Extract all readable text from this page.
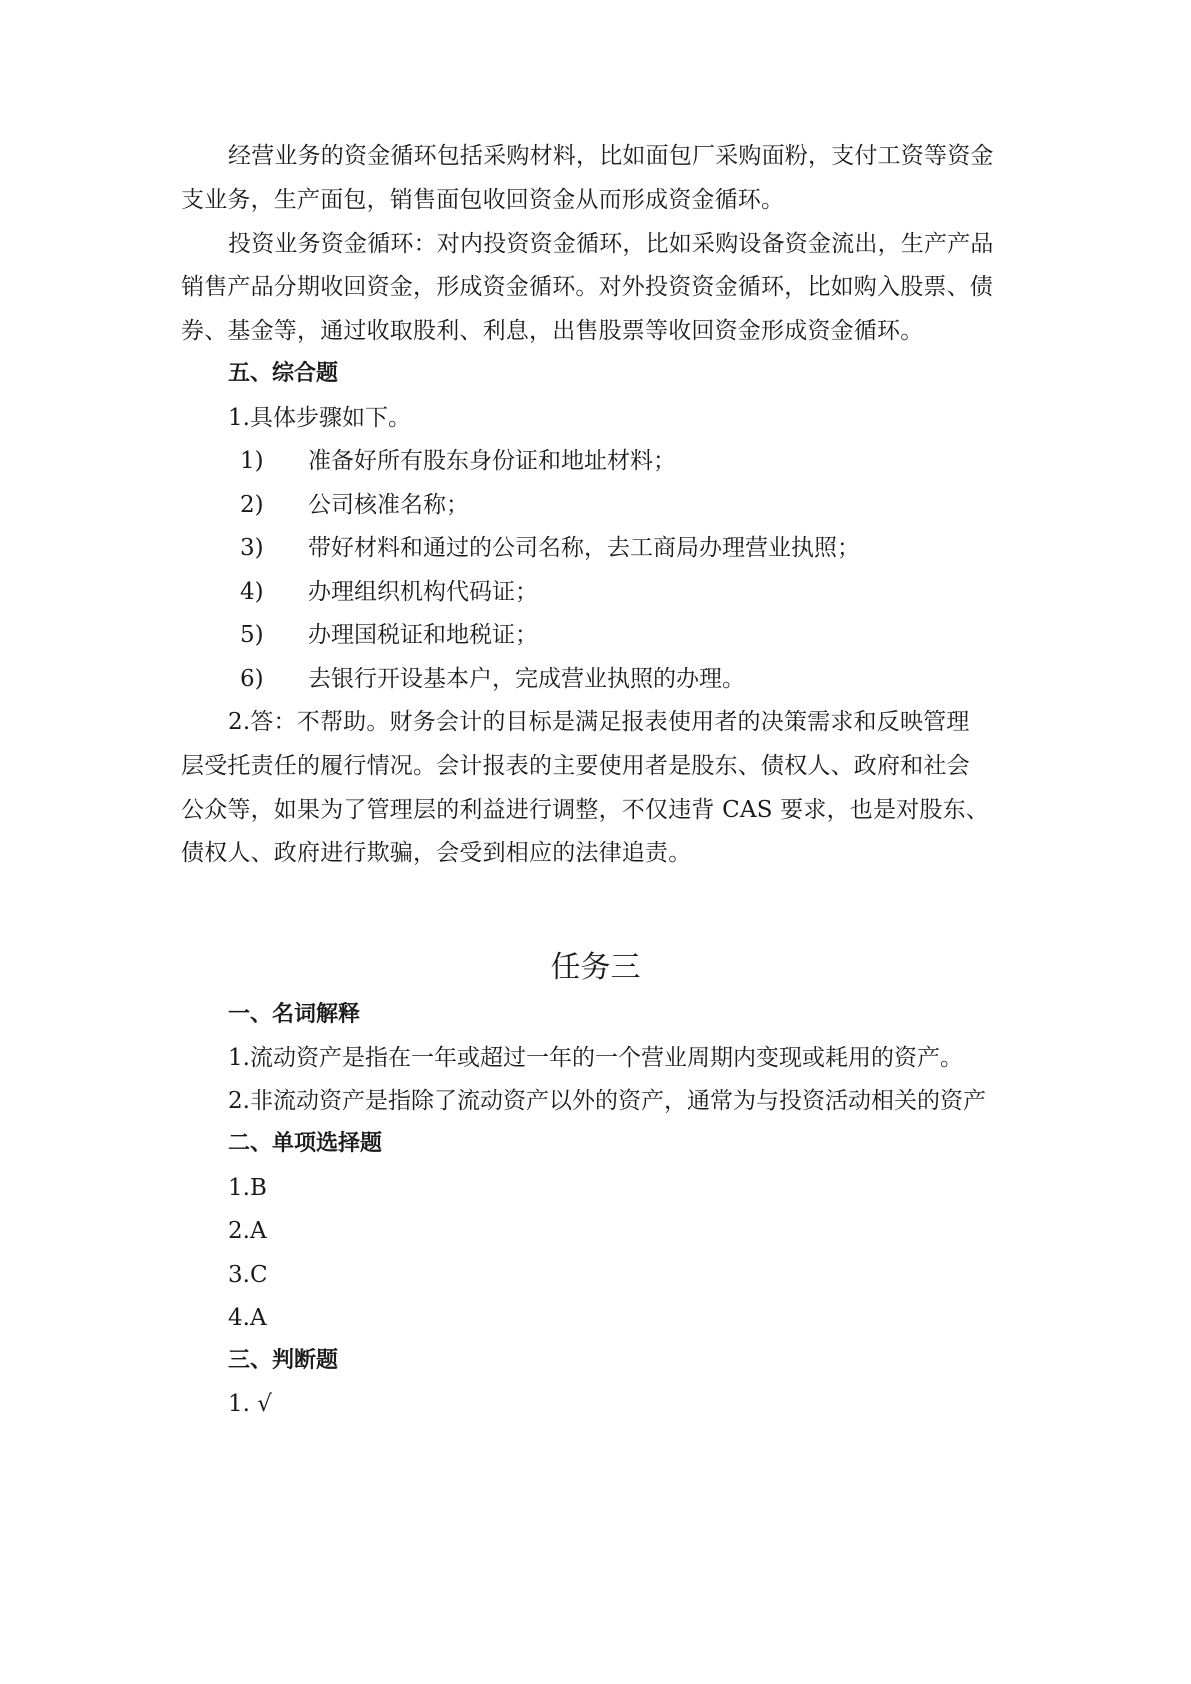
经营业务的资金循环包括采购材料，比如面包厂采购面粉，支付工资等资金
支业务，生产面包，销售面包收回资金从而形成资金循环。
投资业务资金循环：对内投资资金循环，比如采购设备资金流出，生产产品
销售产品分期收回资金，形成资金循环。对外投资资金循环，比如购入股票、债
券、基金等，通过收取股利、利息，出售股票等收回资金形成资金循环。
五、综合题
1.具体步骤如下。
1) 准备好所有股东身份证和地址材料；
2) 公司核准名称；
3) 带好材料和通过的公司名称，去工商局办理营业执照；
4) 办理组织机构代码证；
5) 办理国税证和地税证；
6) 去银行开设基本户，完成营业执照的办理。
2.答：不帮助。财务会计的目标是满足报表使用者的决策需求和反映管理
层受托责任的履行情况。会计报表的主要使用者是股东、债权人、政府和社会
公众等，如果为了管理层的利益进行调整，不仅违背 CAS 要求，也是对股东、
债权人、政府进行欺骗，会受到相应的法律追责。
任务三
一、名词解释
1.流动资产是指在一年或超过一年的一个营业周期内变现或耗用的资产。
2.非流动资产是指除了流动资产以外的资产，通常为与投资活动相关的资产
二、单项选择题
1.B
2.A
3.C
4.A
三、判断题
1. √
